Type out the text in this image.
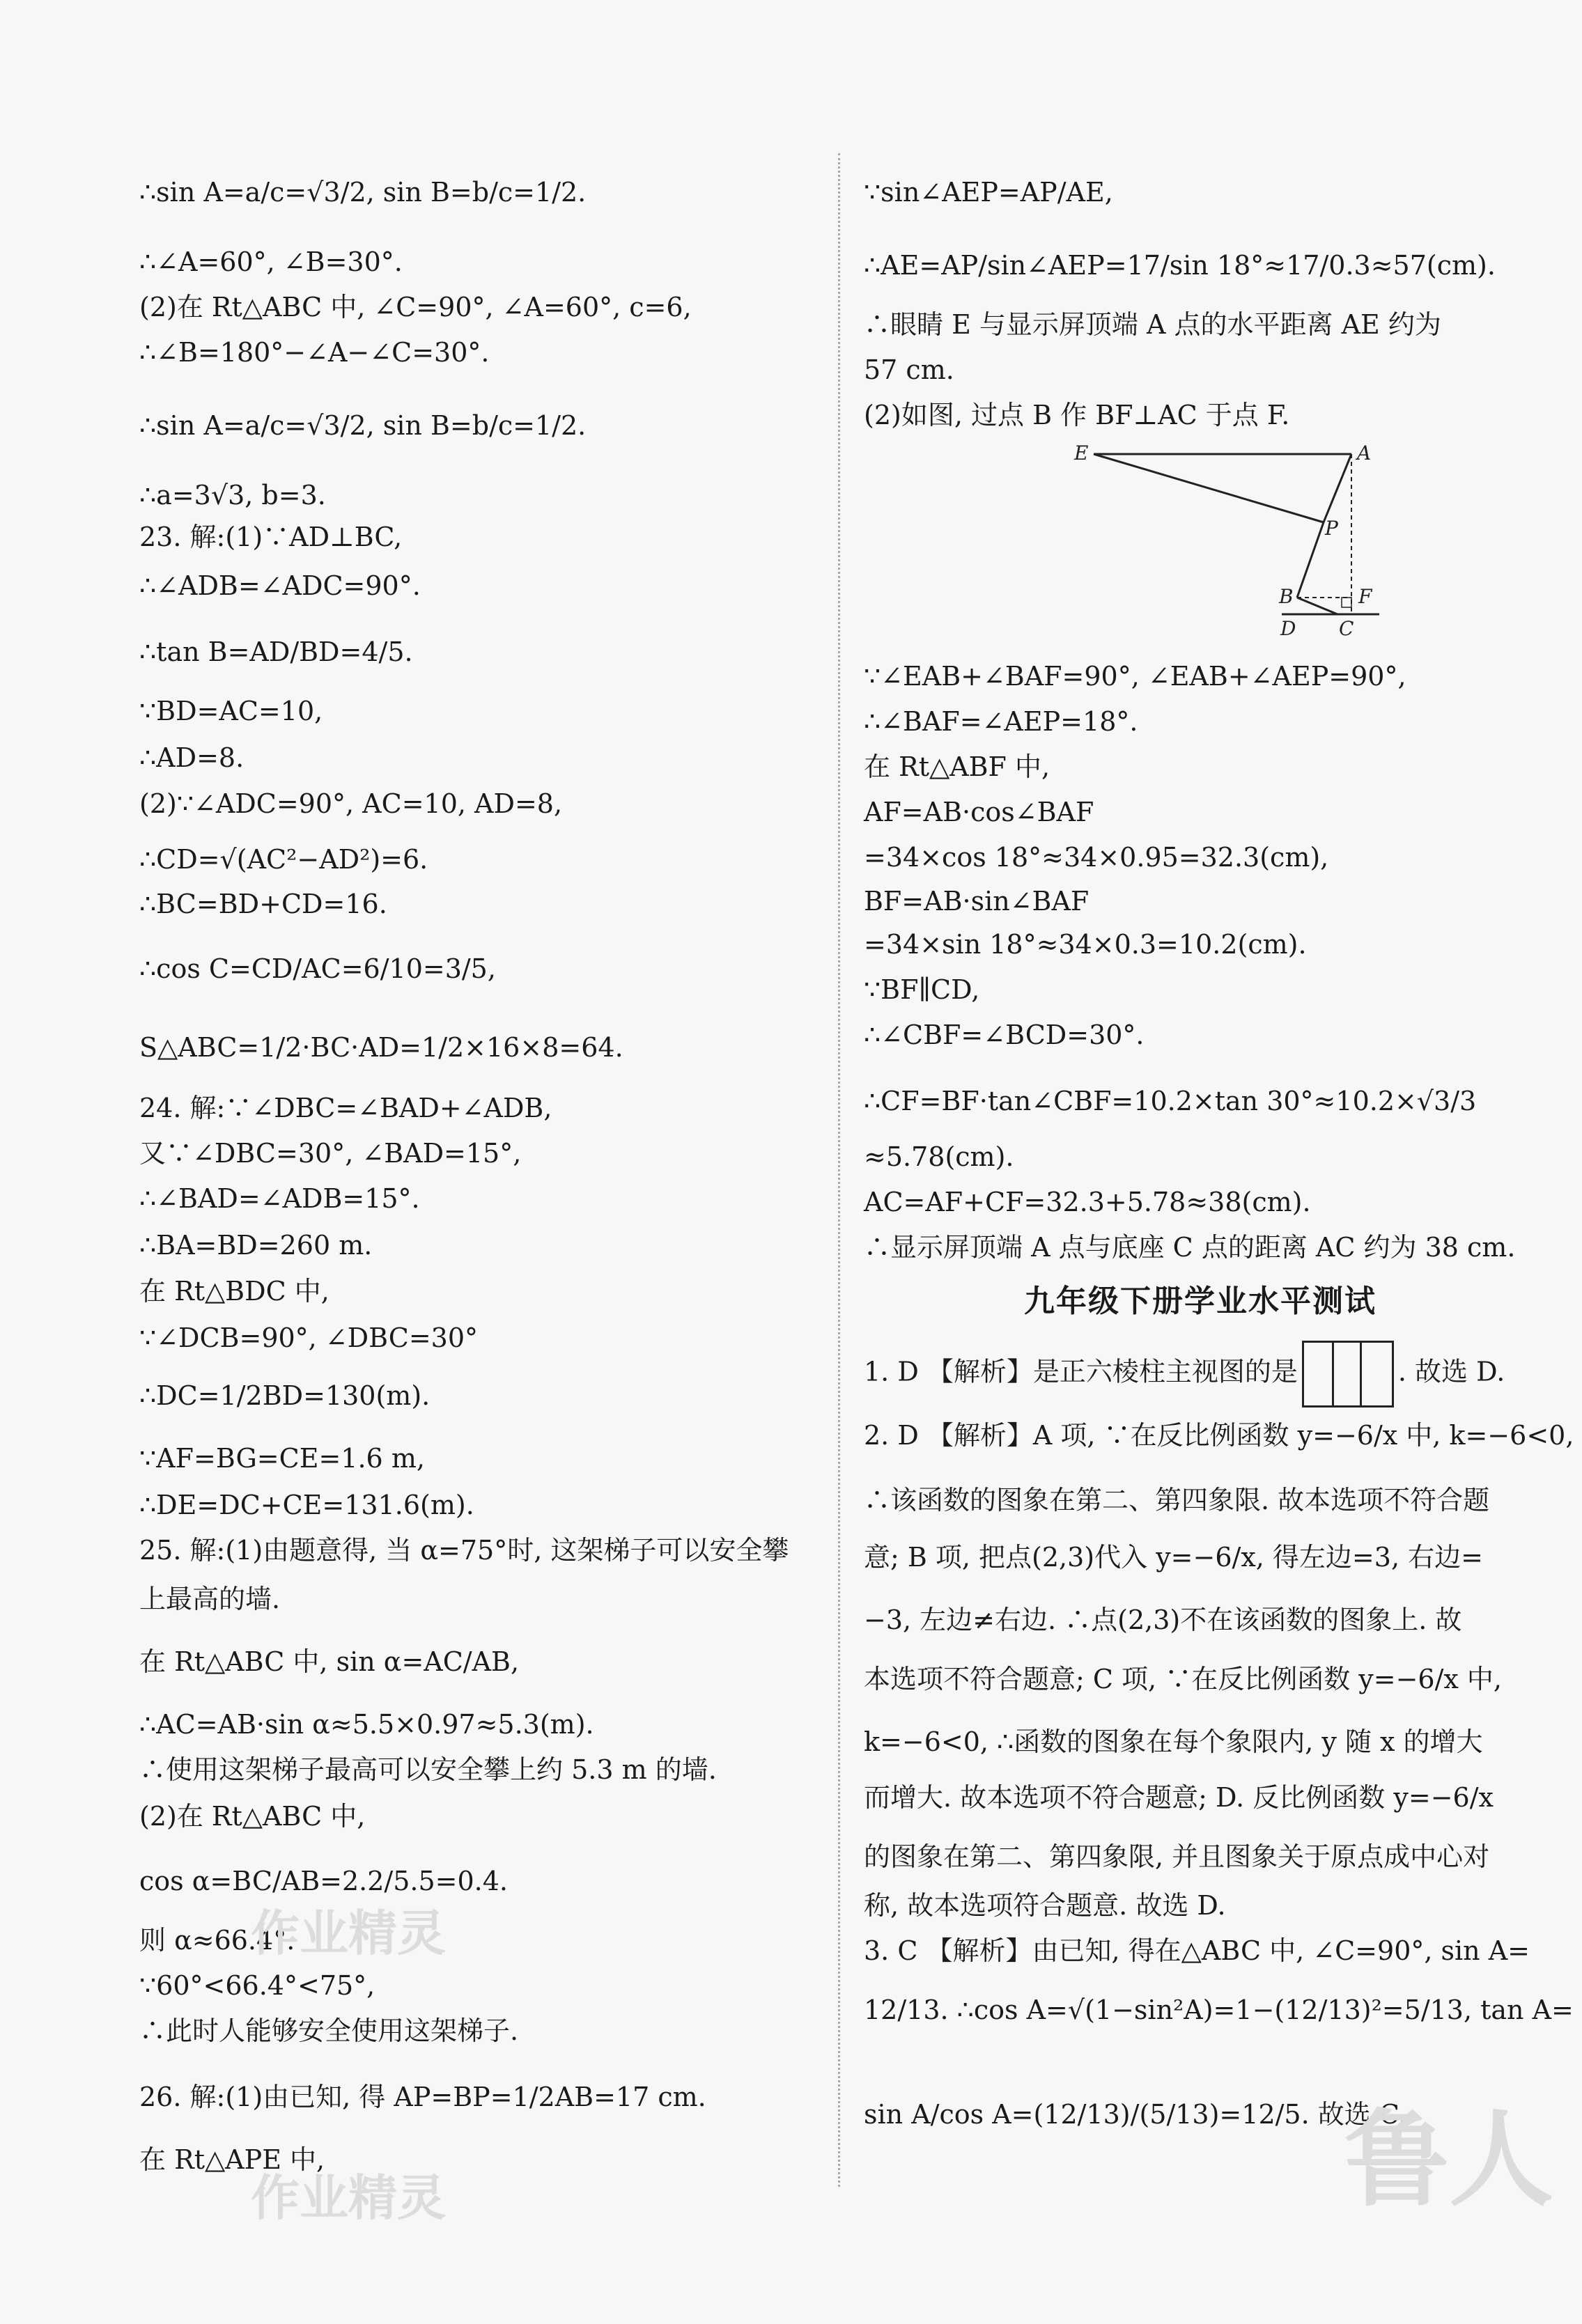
∴sin A=a/c=√3/2, sin B=b/c=1/2.
∴∠A=60°, ∠B=30°.
(2)在 Rt△ABC 中, ∠C=90°, ∠A=60°, c=6,
∴∠B=180°−∠A−∠C=30°.
∴sin A=a/c=√3/2, sin B=b/c=1/2.
∴a=3√3, b=3.
23. 解:(1)∵AD⊥BC,
∴∠ADB=∠ADC=90°.
∴tan B=AD/BD=4/5.
∵BD=AC=10,
∴AD=8.
(2)∵∠ADC=90°, AC=10, AD=8,
∴CD=√(AC²−AD²)=6.
∴BC=BD+CD=16.
∴cos C=CD/AC=6/10=3/5,
S△ABC=1/2·BC·AD=1/2×16×8=64.
24. 解:∵∠DBC=∠BAD+∠ADB,
又∵∠DBC=30°, ∠BAD=15°,
∴∠BAD=∠ADB=15°.
∴BA=BD=260 m.
在 Rt△BDC 中,
∵∠DCB=90°, ∠DBC=30°
∴DC=1/2BD=130(m).
∵AF=BG=CE=1.6 m,
∴DE=DC+CE=131.6(m).
25. 解:(1)由题意得, 当 α=75°时, 这架梯子可以安全攀
上最高的墙.
在 Rt△ABC 中, sin α=AC/AB,
∴AC=AB·sin α≈5.5×0.97≈5.3(m).
∴使用这架梯子最高可以安全攀上约 5.3 m 的墙.
(2)在 Rt△ABC 中,
cos α=BC/AB=2.2/5.5=0.4.
则 α≈66.4°.
∵60°<66.4°<75°,
∴此时人能够安全使用这架梯子.
26. 解:(1)由已知, 得 AP=BP=1/2AB=17 cm.
在 Rt△APE 中,
∵sin∠AEP=AP/AE,
∴AE=AP/sin∠AEP=17/sin 18°≈17/0.3≈57(cm).
∴眼睛 E 与显示屏顶端 A 点的水平距离 AE 约为
57 cm.
(2)如图, 过点 B 作 BF⊥AC 于点 F.
∵∠EAB+∠BAF=90°, ∠EAB+∠AEP=90°,
∴∠BAF=∠AEP=18°.
在 Rt△ABF 中,
AF=AB·cos∠BAF
=34×cos 18°≈34×0.95=32.3(cm),
BF=AB·sin∠BAF
=34×sin 18°≈34×0.3=10.2(cm).
∵BF∥CD,
∴∠CBF=∠BCD=30°.
∴CF=BF·tan∠CBF=10.2×tan 30°≈10.2×√3/3
≈5.78(cm).
AC=AF+CF=32.3+5.78≈38(cm).
∴显示屏顶端 A 点与底座 C 点的距离 AC 约为 38 cm.
1. D 【解析】是正六棱柱主视图的是	. 故选 D.
2. D 【解析】A 项, ∵在反比例函数 y=−6/x 中, k=−6<0,
∴该函数的图象在第二、第四象限. 故本选项不符合题
意; B 项, 把点(2,3)代入 y=−6/x, 得左边=3, 右边=
−3, 左边≠右边. ∴点(2,3)不在该函数的图象上. 故
本选项不符合题意; C 项, ∵在反比例函数 y=−6/x 中,
k=−6<0, ∴函数的图象在每个象限内, y 随 x 的增大
而增大. 故本选项不符合题意; D. 反比例函数 y=−6/x
的图象在第二、第四象限, 并且图象关于原点成中心对
称, 故本选项符合题意. 故选 D.
3. C 【解析】由已知, 得在△ABC 中, ∠C=90°, sin A=
12/13. ∴cos A=√(1−sin²A)=1−(12/13)²=5/13, tan A=
sin A/cos A=(12/13)/(5/13)=12/5. 故选 C.
九年级下册学业水平测试
E	A
P
B	F
D C
作业精灵
作业精灵	鲁人
